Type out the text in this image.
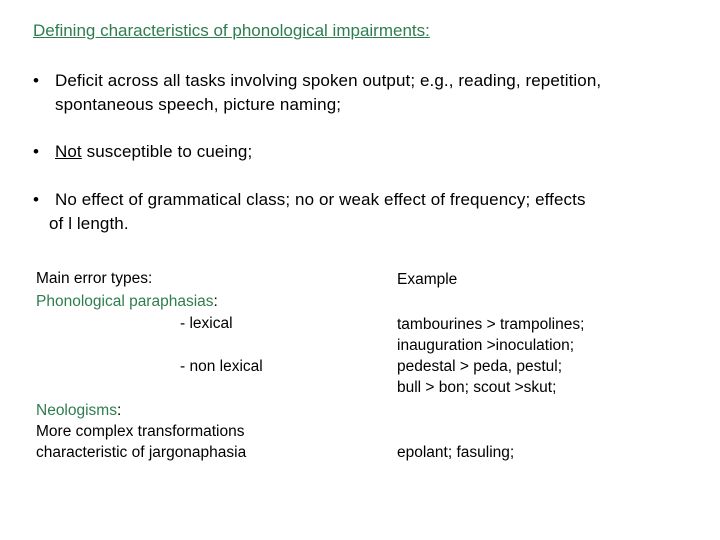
Defining characteristics of phonological impairments:
• Deficit across all tasks involving spoken output; e.g., reading, repetition,
spontaneous speech, picture naming;
• Not susceptible to cueing;
• No effect of grammatical class; no or weak effect of frequency; effects
of l length.
Main error types:
Phonological paraphasias:
- lexical
- non lexical
Neologisms:
More complex transformations
characteristic of jargonaphasia
Example
tambourines > trampolines;
inauguration >inoculation;
pedestal > peda, pestul;
bull > bon; scout >skut;
epolant; fasuling;
